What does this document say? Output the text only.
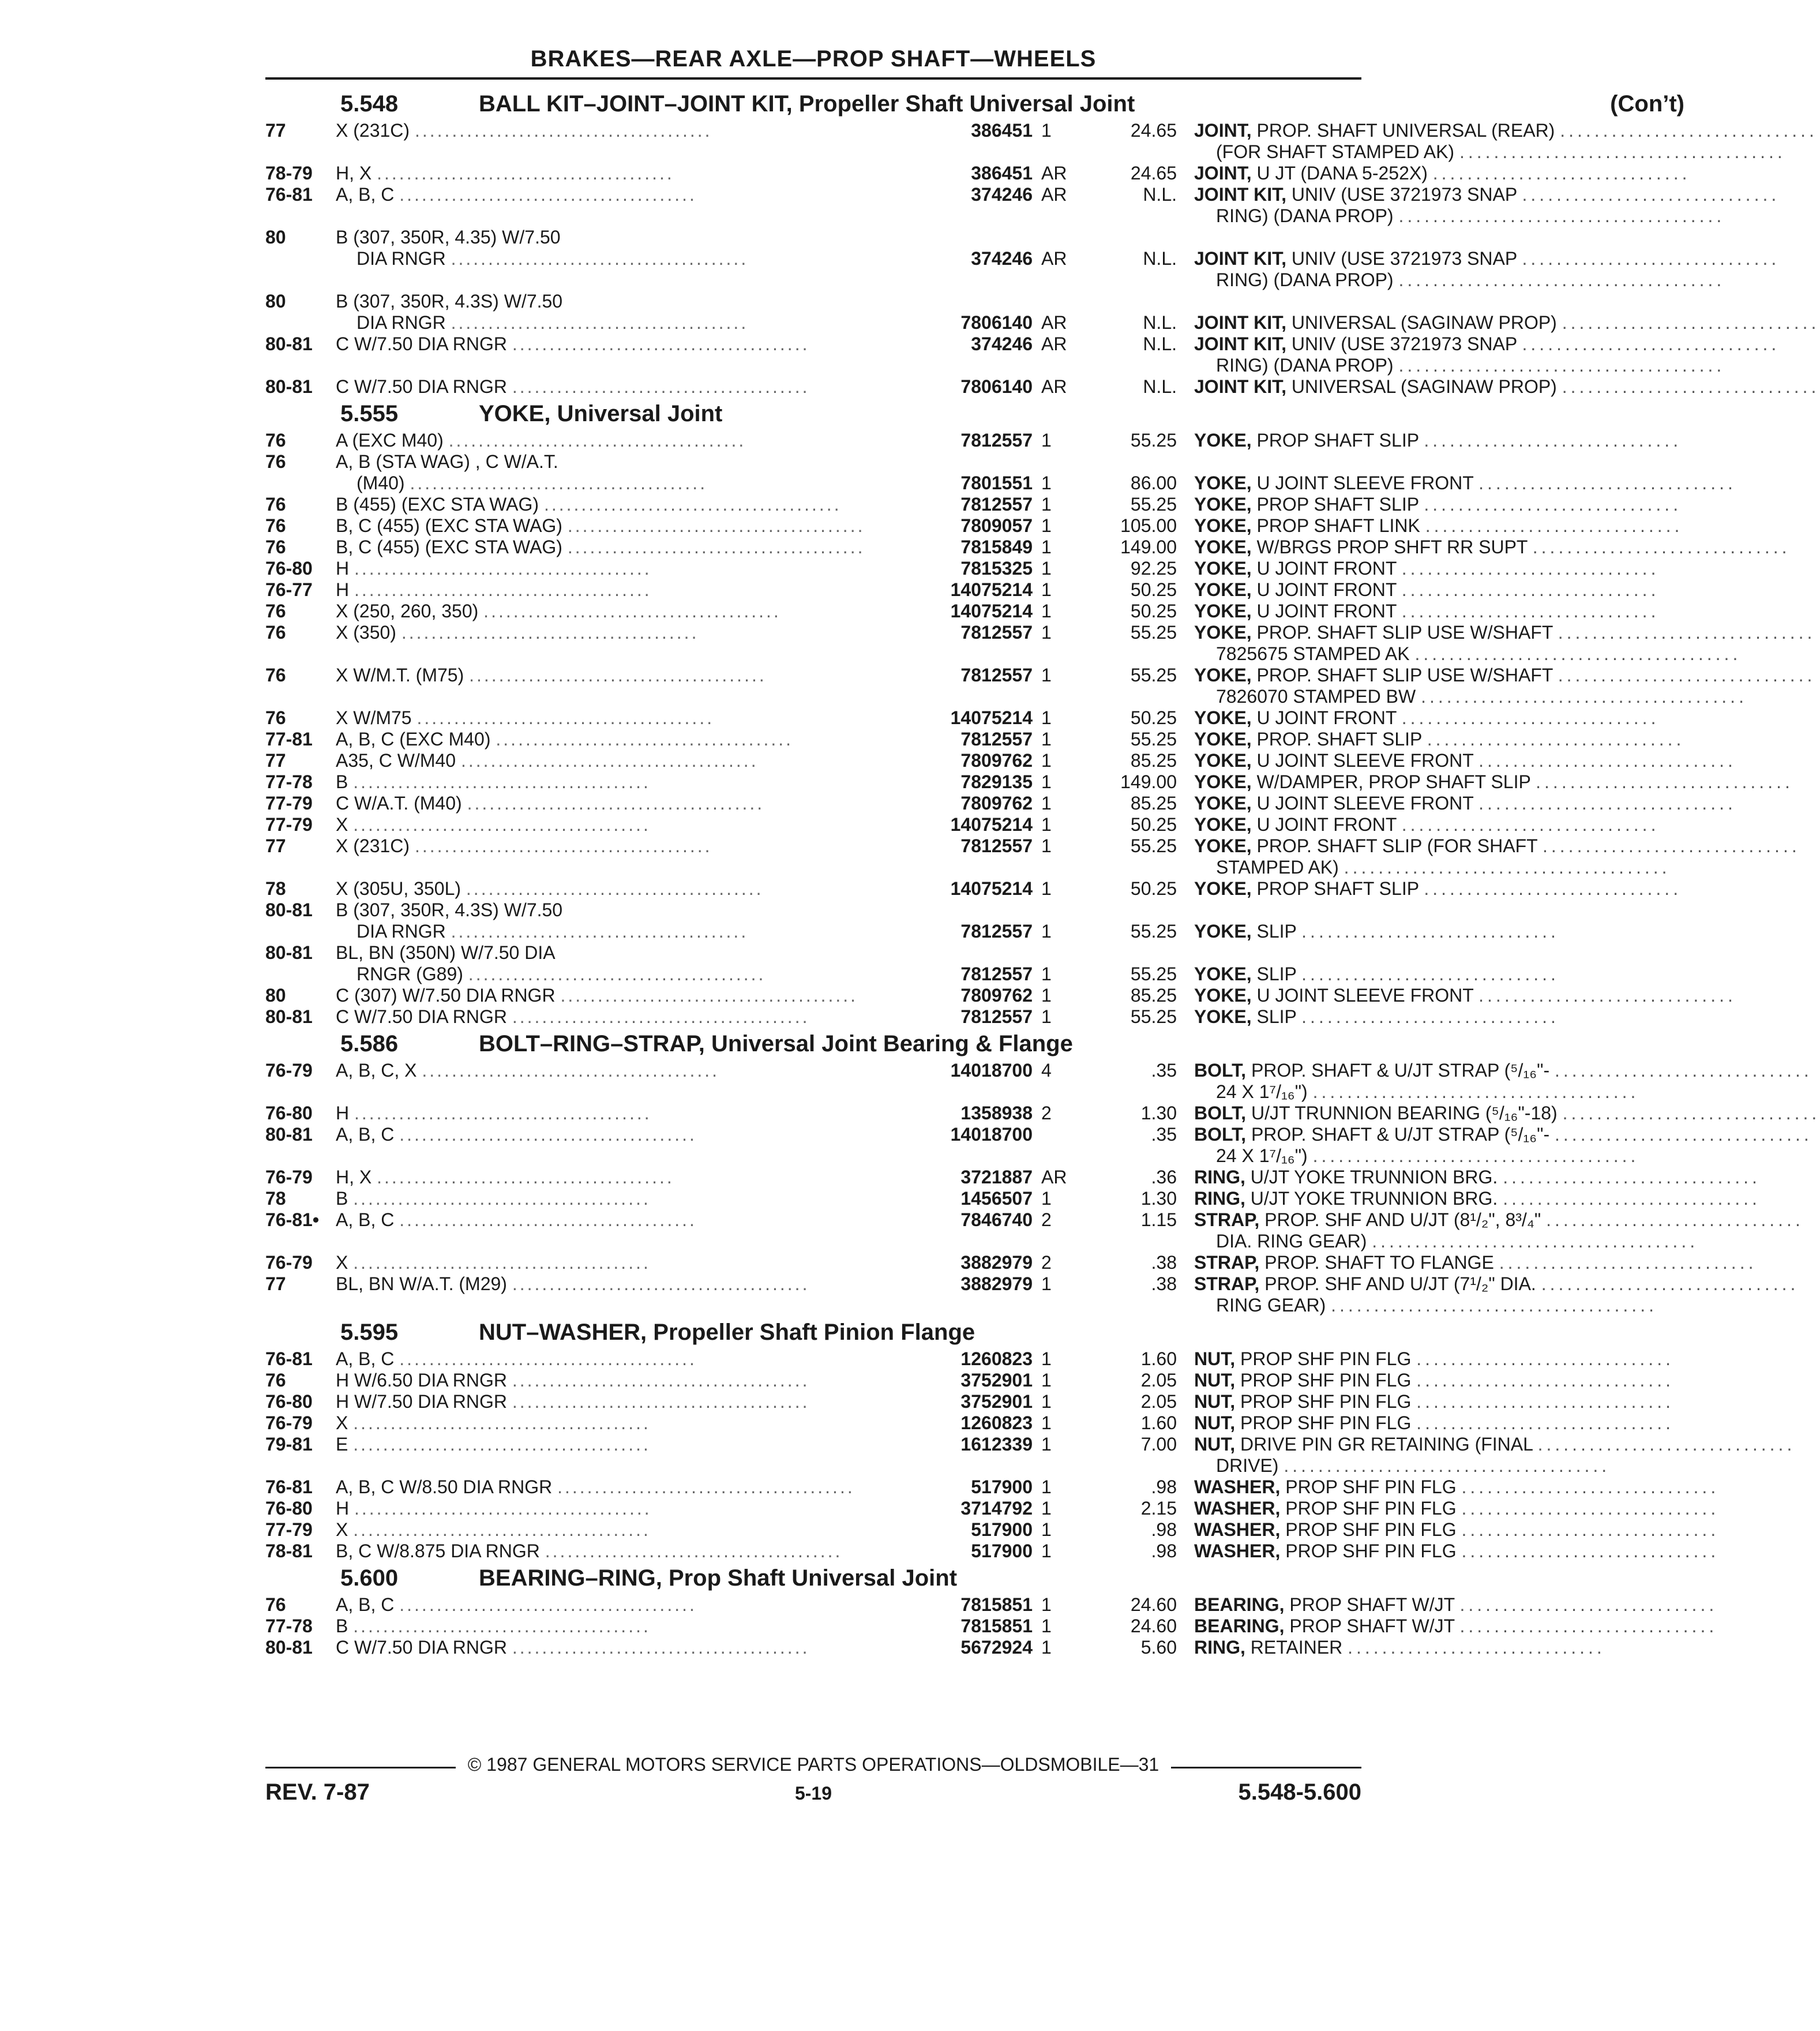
BRAKES—REAR AXLE—PROP SHAFT—WHEELS
5.548	BALL KIT–JOINT–JOINT KIT, Propeller Shaft Universal Joint	(Con’t)
77	X (231C) ........................................	386451 1	24.65 JOINT, PROP. SHAFT UNIVERSAL (REAR) ..............................
(FOR SHAFT STAMPED AK) ......................................
78-79	H, X ........................................	386451 AR	24.65 JOINT, U JT (DANA 5-252X) ..............................
76-81	A, B, C ........................................	374246 AR	N.L. JOINT KIT, UNIV (USE 3721973 SNAP ..............................
RING) (DANA PROP) ......................................
80	B (307, 350R, 4.35) W/7.50
DIA RNGR ........................................	374246 AR	N.L. JOINT KIT, UNIV (USE 3721973 SNAP ..............................
RING) (DANA PROP) ......................................
80	B (307, 350R, 4.3S) W/7.50
DIA RNGR ........................................	7806140 AR	N.L. JOINT KIT, UNIVERSAL (SAGINAW PROP) ..............................
80-81	C W/7.50 DIA RNGR ........................................	374246 AR	N.L. JOINT KIT, UNIV (USE 3721973 SNAP ..............................
RING) (DANA PROP) ......................................
80-81	C W/7.50 DIA RNGR ........................................	7806140 AR	N.L. JOINT KIT, UNIVERSAL (SAGINAW PROP) ..............................
5.555	YOKE, Universal Joint
76	A (EXC M40) ........................................	7812557 1	55.25 YOKE, PROP SHAFT SLIP ..............................
76	A, B (STA WAG) , C W/A.T.
(M40) ........................................	7801551 1	86.00 YOKE, U JOINT SLEEVE FRONT ..............................
76	B (455) (EXC STA WAG) ........................................	7812557 1	55.25 YOKE, PROP SHAFT SLIP ..............................
76	B, C (455) (EXC STA WAG) ........................................	7809057 1	105.00 YOKE, PROP SHAFT LINK ..............................
76	B, C (455) (EXC STA WAG) ........................................	7815849 1	149.00 YOKE, W/BRGS PROP SHFT RR SUPT ..............................
76-80	H ........................................	7815325 1	92.25 YOKE, U JOINT FRONT ..............................
76-77	H ........................................	14075214 1	50.25 YOKE, U JOINT FRONT ..............................
76	X (250, 260, 350) ........................................	14075214 1	50.25 YOKE, U JOINT FRONT ..............................
76	X (350) ........................................	7812557 1	55.25 YOKE, PROP. SHAFT SLIP USE W/SHAFT ..............................
7825675 STAMPED AK ......................................
76	X W/M.T. (M75) ........................................	7812557 1	55.25 YOKE, PROP. SHAFT SLIP USE W/SHAFT ..............................
7826070 STAMPED BW ......................................
76	X W/M75 ........................................	14075214 1	50.25 YOKE, U JOINT FRONT ..............................
77-81	A, B, C (EXC M40) ........................................	7812557 1	55.25 YOKE, PROP. SHAFT SLIP ..............................
77	A35, C W/M40 ........................................	7809762 1	85.25 YOKE, U JOINT SLEEVE FRONT ..............................
77-78	B ........................................	7829135 1	149.00 YOKE, W/DAMPER, PROP SHAFT SLIP ..............................
77-79	C W/A.T. (M40) ........................................	7809762 1	85.25 YOKE, U JOINT SLEEVE FRONT ..............................
77-79	X ........................................	14075214 1	50.25 YOKE, U JOINT FRONT ..............................
77	X (231C) ........................................	7812557 1	55.25 YOKE, PROP. SHAFT SLIP (FOR SHAFT ..............................
STAMPED AK) ......................................
78	X (305U, 350L) ........................................	14075214 1	50.25 YOKE, PROP SHAFT SLIP ..............................
80-81	B (307, 350R, 4.3S) W/7.50
DIA RNGR ........................................	7812557 1	55.25 YOKE, SLIP ..............................
80-81	BL, BN (350N) W/7.50 DIA
RNGR (G89) ........................................	7812557 1	55.25 YOKE, SLIP ..............................
80	C (307) W/7.50 DIA RNGR ........................................	7809762 1	85.25 YOKE, U JOINT SLEEVE FRONT ..............................
80-81	C W/7.50 DIA RNGR ........................................	7812557 1	55.25 YOKE, SLIP ..............................
5.586	BOLT–RING–STRAP, Universal Joint Bearing & Flange
76-79	A, B, C, X ........................................	14018700 4	.35 BOLT, PROP. SHAFT & U/JT STRAP (⁵/₁₆"- ..............................
24 X 1⁷/₁₆") ......................................
76-80	H ........................................	1358938 2	1.30 BOLT, U/JT TRUNNION BEARING (⁵/₁₆"-18) ..............................
80-81	A, B, C ........................................	14018700	.35 BOLT, PROP. SHAFT & U/JT STRAP (⁵/₁₆"- ..............................
24 X 1⁷/₁₆") ......................................
76-79	H, X ........................................	3721887 AR	.36 RING, U/JT YOKE TRUNNION BRG. ..............................
78	B ........................................	1456507 1	1.30 RING, U/JT YOKE TRUNNION BRG. ..............................
76-81• A, B, C ........................................	7846740 2	1.15 STRAP, PROP. SHF AND U/JT (8¹/₂", 8³/₄" ..............................
DIA. RING GEAR) ......................................
76-79	X ........................................	3882979 2	.38 STRAP, PROP. SHAFT TO FLANGE ..............................
77	BL, BN W/A.T. (M29) ........................................	3882979 1	.38 STRAP, PROP. SHF AND U/JT (7¹/₂" DIA. ..............................
RING GEAR) ......................................
5.595	NUT–WASHER, Propeller Shaft Pinion Flange
76-81	A, B, C ........................................	1260823 1	1.60 NUT, PROP SHF PIN FLG ..............................
76	H W/6.50 DIA RNGR ........................................	3752901 1	2.05 NUT, PROP SHF PIN FLG ..............................
76-80	H W/7.50 DIA RNGR ........................................	3752901 1	2.05 NUT, PROP SHF PIN FLG ..............................
76-79	X ........................................	1260823 1	1.60 NUT, PROP SHF PIN FLG ..............................
79-81	E ........................................	1612339 1	7.00 NUT, DRIVE PIN GR RETAINING (FINAL ..............................
DRIVE) ......................................
76-81	A, B, C W/8.50 DIA RNGR ........................................	517900 1	.98 WASHER, PROP SHF PIN FLG ..............................
76-80	H ........................................	3714792 1	2.15 WASHER, PROP SHF PIN FLG ..............................
77-79	X ........................................	517900 1	.98 WASHER, PROP SHF PIN FLG ..............................
78-81	B, C W/8.875 DIA RNGR ........................................	517900 1	.98 WASHER, PROP SHF PIN FLG ..............................
5.600	BEARING–RING, Prop Shaft Universal Joint
76	A, B, C ........................................	7815851 1	24.60 BEARING, PROP SHAFT W/JT ..............................
77-78	B ........................................	7815851 1	24.60 BEARING, PROP SHAFT W/JT ..............................
80-81	C W/7.50 DIA RNGR ........................................	5672924 1	5.60 RING, RETAINER ..............................
© 1987 GENERAL MOTORS SERVICE PARTS OPERATIONS—OLDSMOBILE—31
REV. 7-87	5-19	5.548-5.600
